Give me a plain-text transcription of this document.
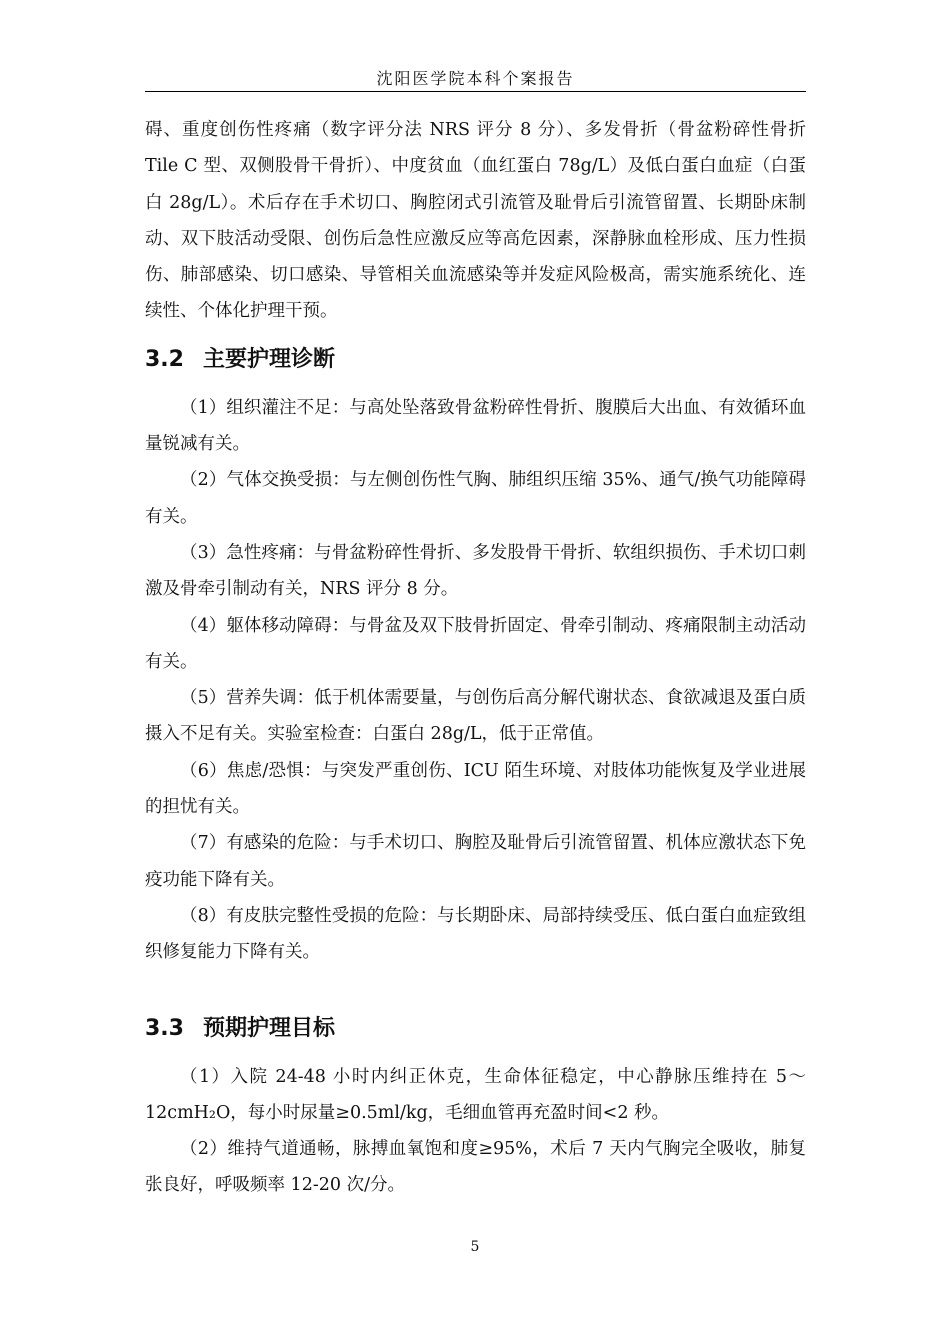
沈阳医学院本科个案报告

碍、重度创伤性疼痛（数字评分法 NRS 评分 8 分）、多发骨折（骨盆粉碎性骨折 Tile C 型、双侧股骨干骨折）、中度贫血（血红蛋白 78g/L）及低白蛋白血症（白蛋白 28g/L）。术后存在手术切口、胸腔闭式引流管及耻骨后引流管留置、长期卧床制动、双下肢活动受限、创伤后急性应激反应等高危因素，深静脉血栓形成、压力性损伤、肺部感染、切口感染、导管相关血流感染等并发症风险极高，需实施系统化、连续性、个体化护理干预。

3.2 主要护理诊断

（1）组织灌注不足：与高处坠落致骨盆粉碎性骨折、腹膜后大出血、有效循环血量锐减有关。

（2）气体交换受损：与左侧创伤性气胸、肺组织压缩 35%、通气/换气功能障碍有关。

（3）急性疼痛：与骨盆粉碎性骨折、多发股骨干骨折、软组织损伤、手术切口刺激及骨牵引制动有关，NRS 评分 8 分。

（4）躯体移动障碍：与骨盆及双下肢骨折固定、骨牵引制动、疼痛限制主动活动有关。

（5）营养失调：低于机体需要量，与创伤后高分解代谢状态、食欲减退及蛋白质摄入不足有关。实验室检查：白蛋白 28g/L，低于正常值。

（6）焦虑/恐惧：与突发严重创伤、ICU 陌生环境、对肢体功能恢复及学业进展的担忧有关。

（7）有感染的危险：与手术切口、胸腔及耻骨后引流管留置、机体应激状态下免疫功能下降有关。

（8）有皮肤完整性受损的危险：与长期卧床、局部持续受压、低白蛋白血症致组织修复能力下降有关。

3.3 预期护理目标

（1）入院 24-48 小时内纠正休克，生命体征稳定，中心静脉压维持在 5～12cmH₂O，每小时尿量≥0.5ml/kg，毛细血管再充盈时间<2 秒。

（2）维持气道通畅，脉搏血氧饱和度≥95%，术后 7 天内气胸完全吸收，肺复张良好，呼吸频率 12-20 次/分。

5
